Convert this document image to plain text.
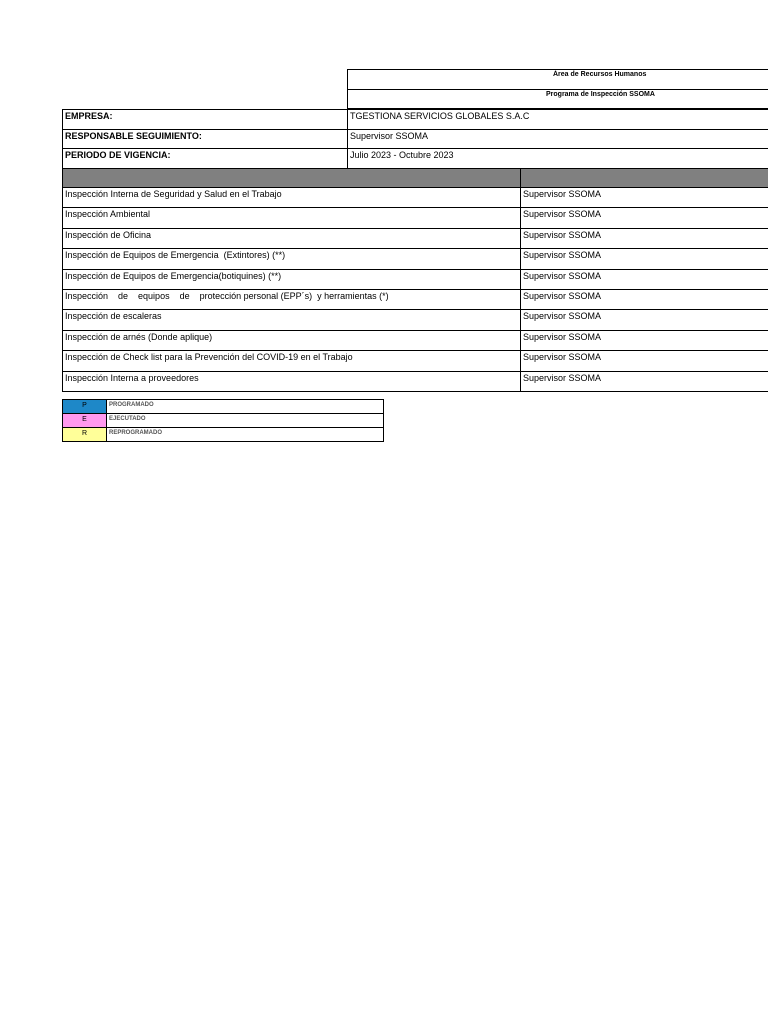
Área de Recursos Humanos
Programa de Inspección SSOMA
EMPRESA:	TGESTIONA SERVICIOS GLOBALES S.A.C
RESPONSABLE SEGUIMIENTO:	Supervisor SSOMA
PERIODO DE VIGENCIA:	Julio 2023 - Octubre 2023
Inspección Interna de Seguridad y Salud en el Trabajo	Supervisor SSOMA
Inspección Ambiental	Supervisor SSOMA
Inspección de Oficina	Supervisor SSOMA
Inspección de Equipos de Emergencia  (Extintores) (**)	Supervisor SSOMA
Inspección de Equipos de Emergencia(botiquines) (**)	Supervisor SSOMA
Inspección    de    equipos    de    protección personal (EPP´s)  y herramientas (*)	Supervisor SSOMA
Inspección de escaleras	Supervisor SSOMA
Inspección de arnés (Donde aplique)	Supervisor SSOMA
Inspección de Check list para la Prevención del COVID-19 en el Trabajo	Supervisor SSOMA
Inspección Interna a proveedores	Supervisor SSOMA
P	PROGRAMADO
E	EJECUTADO
R	REPROGRAMADO
